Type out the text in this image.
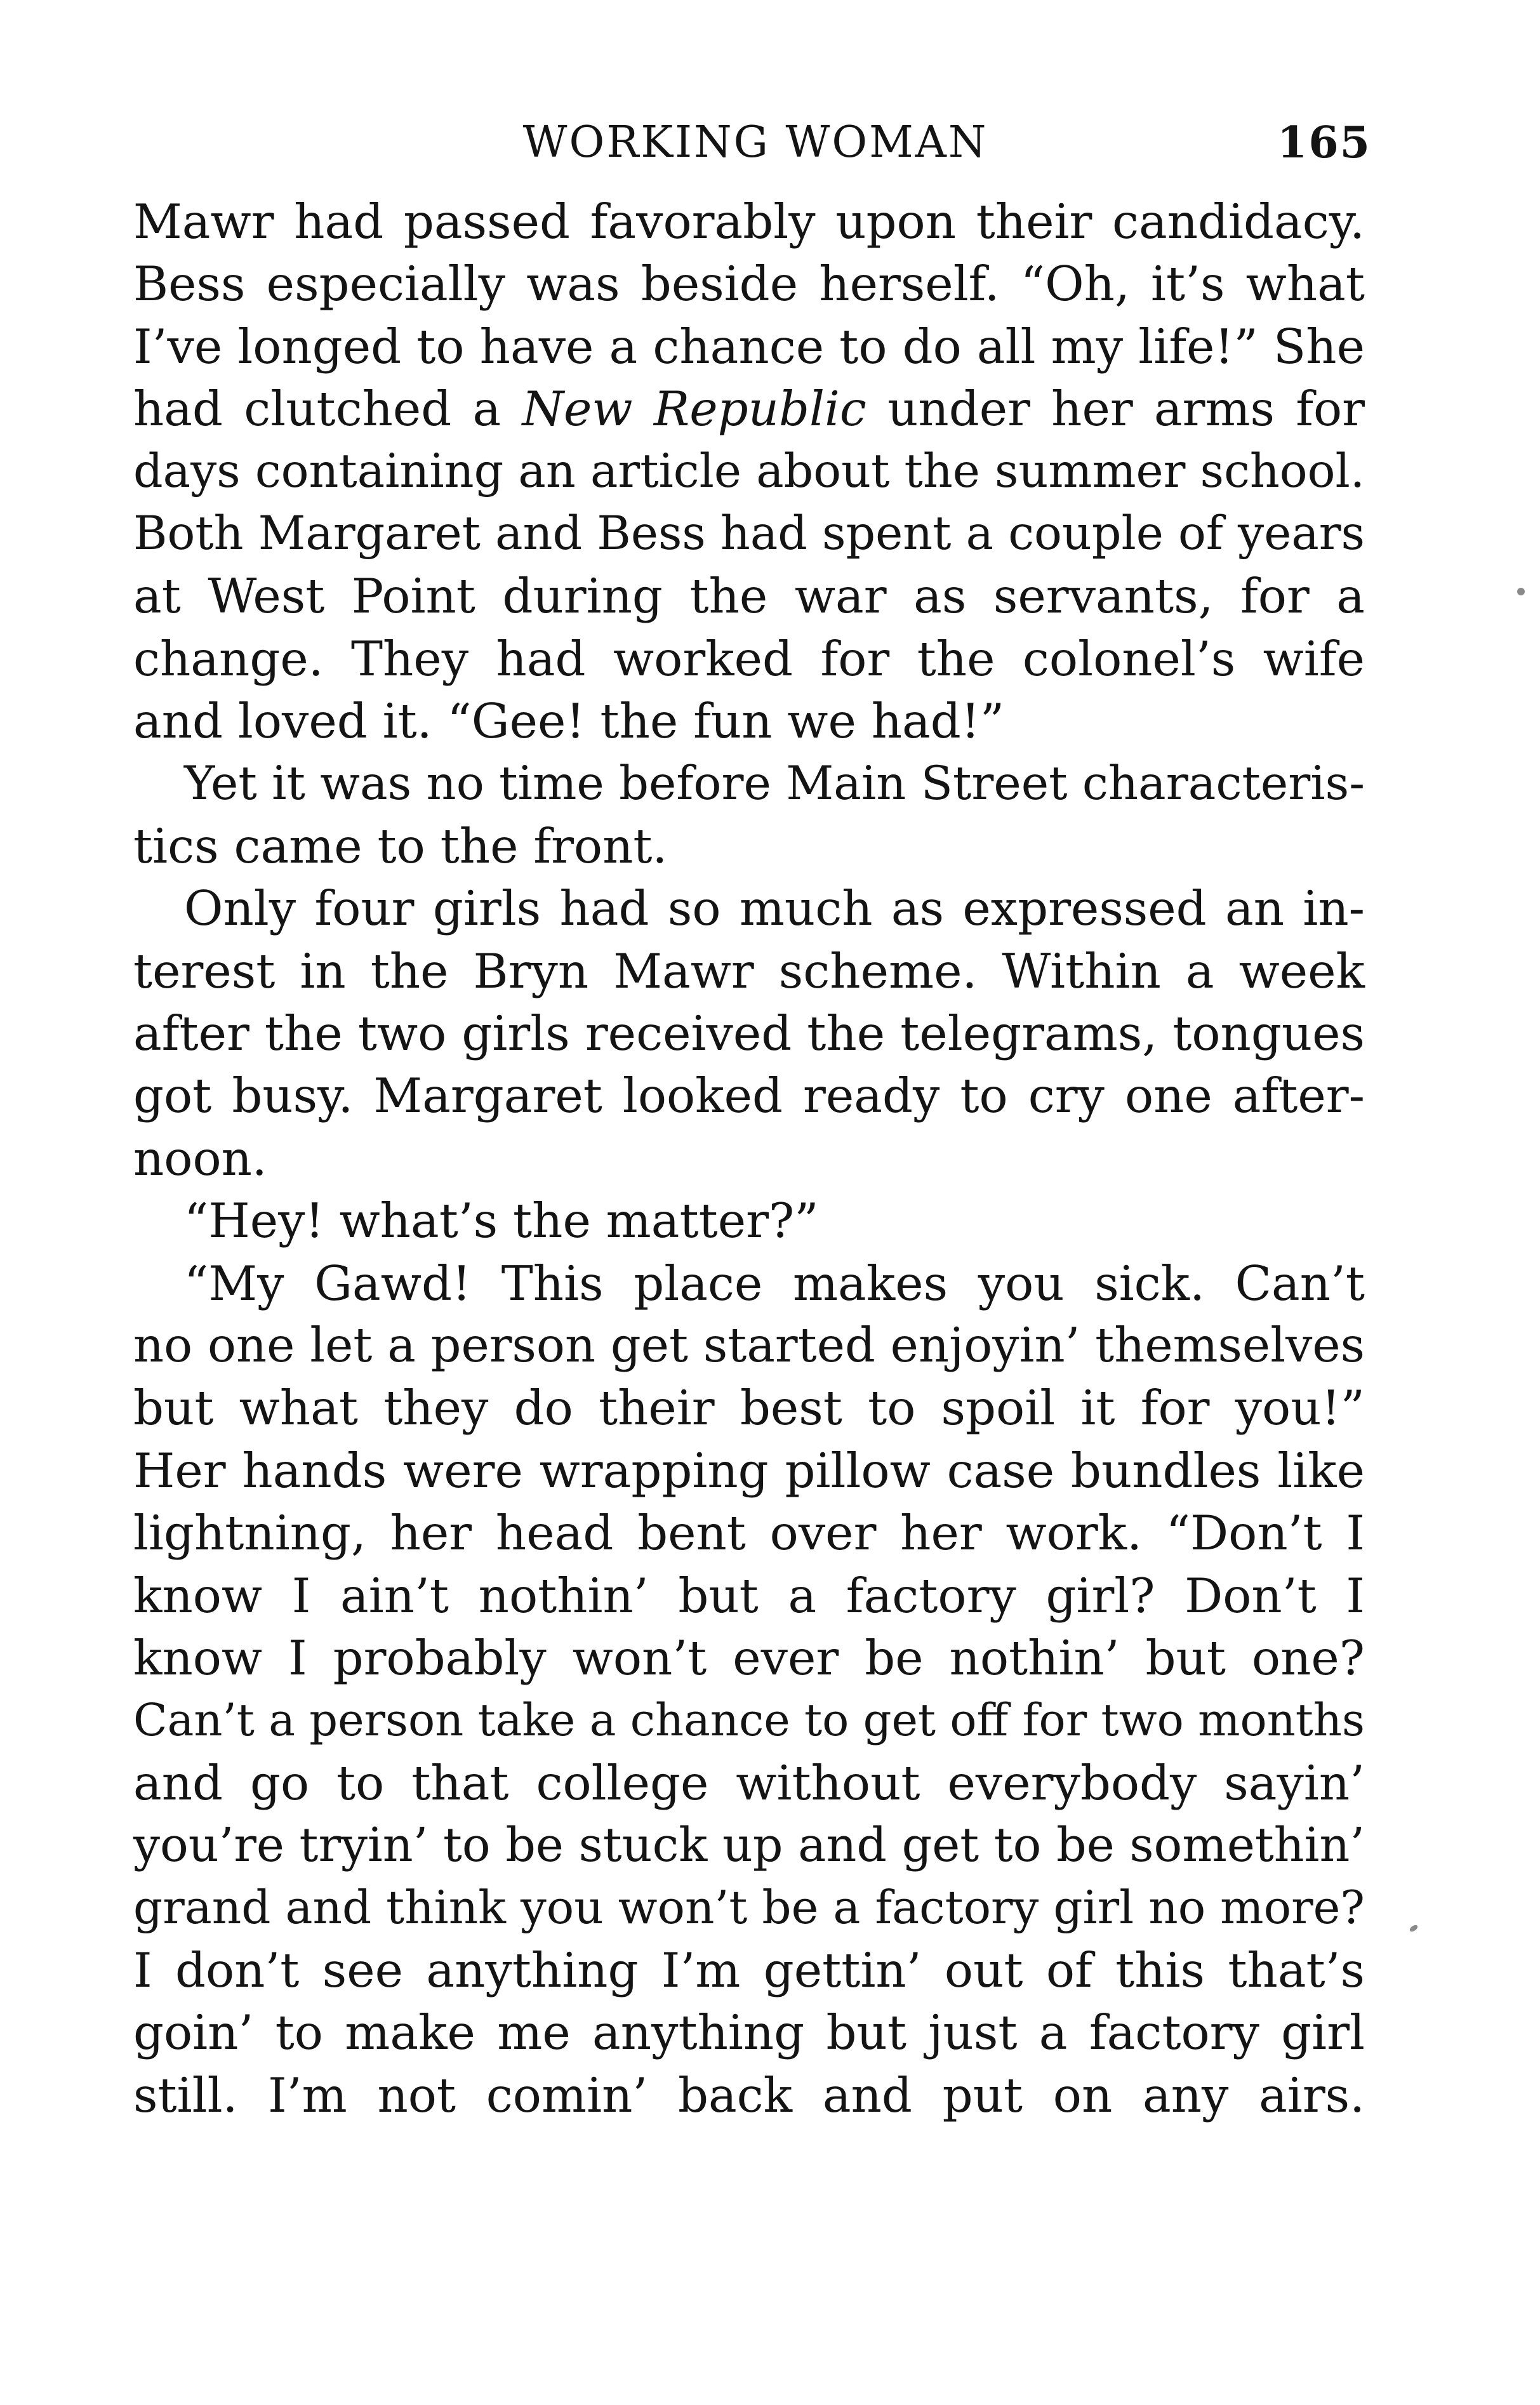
WORKING WOMAN	165
Mawr had passed favorably upon their candidacy.
Bess especially was beside herself. “Oh, it’s what
I’ve longed to have a chance to do all my life!” She
had clutched a New Republic under her arms for
days containing an article about the summer school.
Both Margaret and Bess had spent a couple of years
at West Point during the war as servants, for a
change. They had worked for the colonel’s wife
and loved it. “Gee! the fun we had!”
Yet it was no time before Main Street characteris-
tics came to the front.
Only four girls had so much as expressed an in-
terest in the Bryn Mawr scheme. Within a week
after the two girls received the telegrams, tongues
got busy. Margaret looked ready to cry one after-
noon.
“Hey! what’s the matter?”
“My Gawd! This place makes you sick. Can’t
no one let a person get started enjoyin’ themselves
but what they do their best to spoil it for you!”
Her hands were wrapping pillow case bundles like
lightning, her head bent over her work. “Don’t I
know I ain’t nothin’ but a factory girl? Don’t I
know I probably won’t ever be nothin’ but one?
Can’t a person take a chance to get off for two months
and go to that college without everybody sayin’
you’re tryin’ to be stuck up and get to be somethin’
grand and think you won’t be a factory girl no more?
I don’t see anything I’m gettin’ out of this that’s
goin’ to make me anything but just a factory girl
still. I’m not comin’ back and put on any airs.
